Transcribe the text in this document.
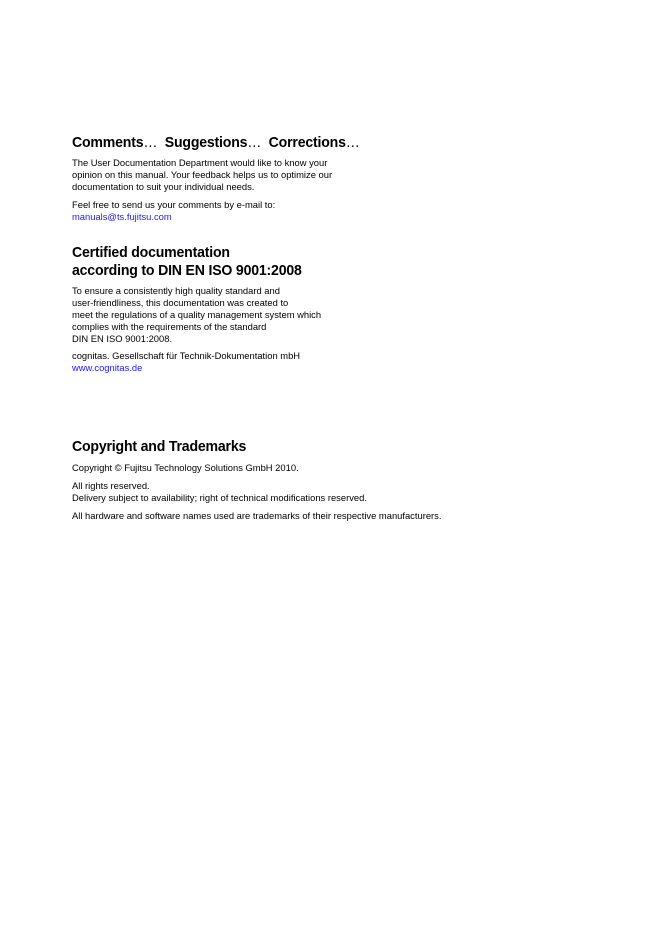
Comments… Suggestions… Corrections…

The User Documentation Department would like to know your
opinion on this manual. Your feedback helps us to optimize our
documentation to suit your individual needs.

Feel free to send us your comments by e-mail to:
manuals@ts.fujitsu.com

Certified documentation
according to DIN EN ISO 9001:2008

To ensure a consistently high quality standard and
user-friendliness, this documentation was created to
meet the regulations of a quality management system which
complies with the requirements of the standard
DIN EN ISO 9001:2008.

cognitas. Gesellschaft für Technik-Dokumentation mbH
www.cognitas.de

Copyright and Trademarks

Copyright © Fujitsu Technology Solutions GmbH 2010.

All rights reserved.
Delivery subject to availability; right of technical modifications reserved.

All hardware and software names used are trademarks of their respective manufacturers.
